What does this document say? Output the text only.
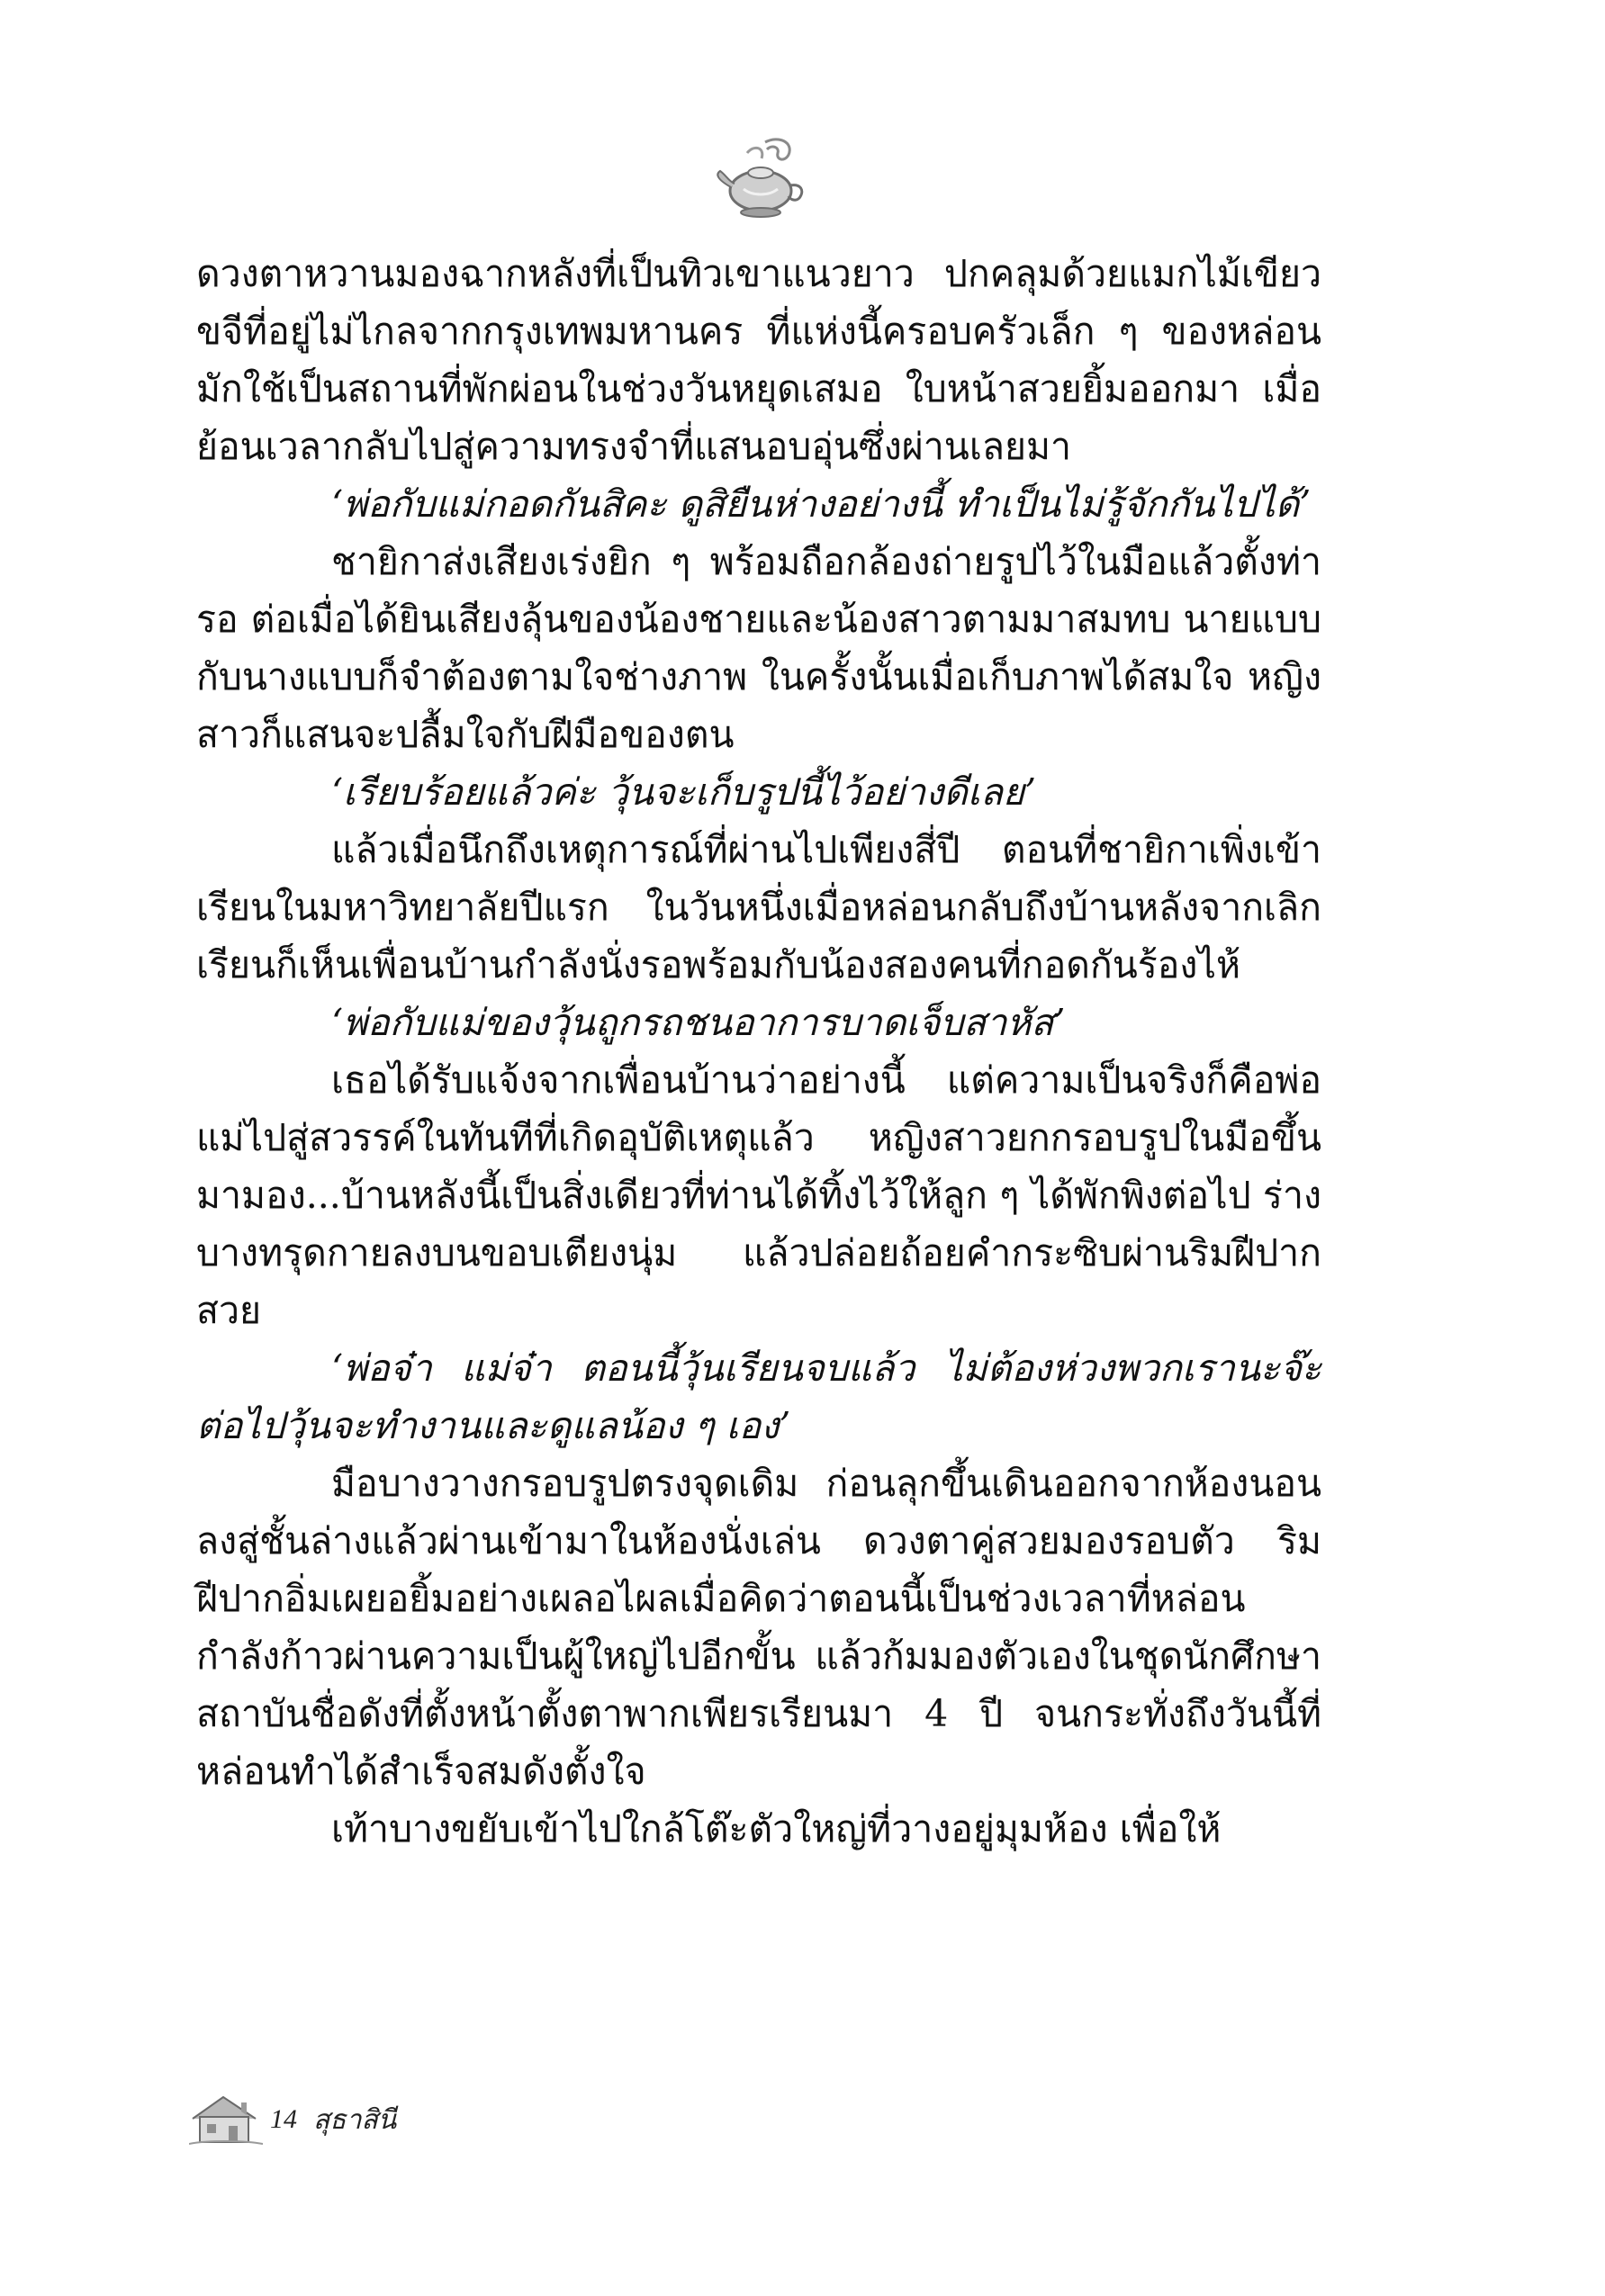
ดวงตาหวานมองฉากหลังที่เป็นทิวเขาแนวยาว ปกคลุมด้วยแมกไม้เขียวขจีที่อยู่ไม่ไกลจากกรุงเทพมหานคร ที่แห่งนี้ครอบครัวเล็ก ๆ ของหล่อนมักใช้เป็นสถานที่พักผ่อนในช่วงวันหยุดเสมอ ใบหน้าสวยยิ้มออกมา เมื่อย้อนเวลากลับไปสู่ความทรงจำที่แสนอบอุ่นซึ่งผ่านเลยมา

‘พ่อกับแม่กอดกันสิคะ ดูสิยืนห่างอย่างนี้ ทำเป็นไม่รู้จักกันไปได้’

ชายิกาส่งเสียงเร่งยิก ๆ พร้อมถือกล้องถ่ายรูปไว้ในมือแล้วตั้งท่ารอ ต่อเมื่อได้ยินเสียงลุ้นของน้องชายและน้องสาวตามมาสมทบ นายแบบกับนางแบบก็จำต้องตามใจช่างภาพ ในครั้งนั้นเมื่อเก็บภาพได้สมใจ หญิงสาวก็แสนจะปลื้มใจกับฝีมือของตน

‘เรียบร้อยแล้วค่ะ วุ้นจะเก็บรูปนี้ไว้อย่างดีเลย’

แล้วเมื่อนึกถึงเหตุการณ์ที่ผ่านไปเพียงสี่ปี ตอนที่ชายิกาเพิ่งเข้าเรียนในมหาวิทยาลัยปีแรก ในวันหนึ่งเมื่อหล่อนกลับถึงบ้านหลังจากเลิกเรียนก็เห็นเพื่อนบ้านกำลังนั่งรอพร้อมกับน้องสองคนที่กอดกันร้องไห้

‘พ่อกับแม่ของวุ้นถูกรถชนอาการบาดเจ็บสาหัส’

เธอได้รับแจ้งจากเพื่อนบ้านว่าอย่างนี้ แต่ความเป็นจริงก็คือพ่อแม่ไปสู่สวรรค์ในทันทีที่เกิดอุบัติเหตุแล้ว หญิงสาวยกกรอบรูปในมือขึ้นมามอง...บ้านหลังนี้เป็นสิ่งเดียวที่ท่านได้ทิ้งไว้ให้ลูก ๆ ได้พักพิงต่อไป ร่างบางทรุดกายลงบนขอบเตียงนุ่ม แล้วปล่อยถ้อยคำกระซิบผ่านริมฝีปากสวย

‘พ่อจ๋า แม่จ๋า ตอนนี้วุ้นเรียนจบแล้ว ไม่ต้องห่วงพวกเรานะจ๊ะ ต่อไปวุ้นจะทำงานและดูแลน้อง ๆ เอง’

มือบางวางกรอบรูปตรงจุดเดิม ก่อนลุกขึ้นเดินออกจากห้องนอนลงสู่ชั้นล่างแล้วผ่านเข้ามาในห้องนั่งเล่น ดวงตาคู่สวยมองรอบตัว ริมฝีปากอิ่มเผยอยิ้มอย่างเผลอไผลเมื่อคิดว่าตอนนี้เป็นช่วงเวลาที่หล่อนกำลังก้าวผ่านความเป็นผู้ใหญ่ไปอีกขั้น แล้วก้มมองตัวเองในชุดนักศึกษาสถาบันชื่อดังที่ตั้งหน้าตั้งตาพากเพียรเรียนมา 4 ปี จนกระทั่งถึงวันนี้ที่หล่อนทำได้สำเร็จสมดังตั้งใจ

เท้าบางขยับเข้าไปใกล้โต๊ะตัวใหญ่ที่วางอยู่มุมห้อง เพื่อให้

14 สุธาสินี
